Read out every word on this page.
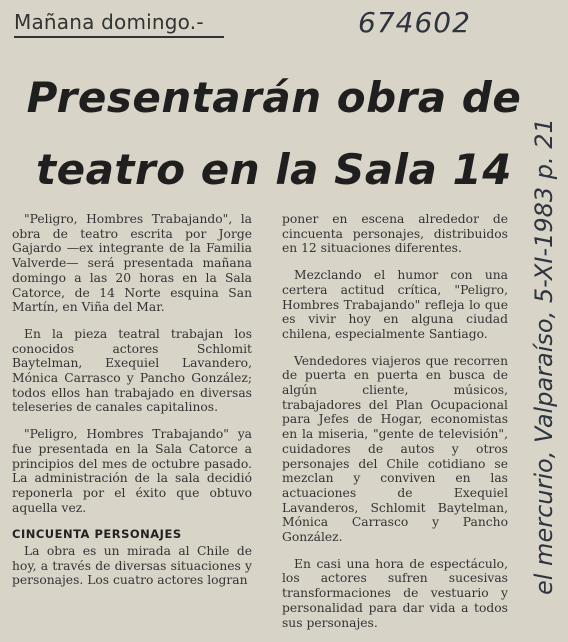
Mañana domingo.-	674602
Presentarán obra de
teatro en la Sala 14

"Peligro, Hombres Trabajando", la obra de teatro escrita por Jorge Gajardo —ex integrante de la Familia Valverde— será presentada mañana domingo a las 20 horas en la Sala Catorce, de 14 Norte esquina San Martín, en Viña del Mar.

En la pieza teatral trabajan los conocidos actores Schlomit Baytelman, Exequiel Lavandero, Mónica Carrasco y Pancho González; todos ellos han trabajado en diversas teleseries de canales capitalinos.

"Peligro, Hombres Trabajando" ya fue presentada en la Sala Catorce a principios del mes de octubre pasado. La administración de la sala decidió reponerla por el éxito que obtuvo aquella vez.

CINCUENTA PERSONAJES

La obra es un mirada al Chile de hoy, a través de diversas situaciones y personajes. Los cuatro actores logran

poner en escena alrededor de cincuenta personajes, distribuidos en 12 situaciones diferentes.

Mezclando el humor con una certera actitud crítica, "Peligro, Hombres Trabajando" refleja lo que es vivir hoy en alguna ciudad chilena, especialmente Santiago.

Vendedores viajeros que recorren de puerta en puerta en busca de algún cliente, músicos, trabajadores del Plan Ocupacional para Jefes de Hogar, economistas en la miseria, "gente de televisión", cuidadores de autos y otros personajes del Chile cotidiano se mezclan y conviven en las actuaciones de Exequiel Lavanderos, Schlomit Baytelman, Mónica Carrasco y Pancho González.

En casi una hora de espectáculo, los actores sufren sucesivas transformaciones de vestuario y personalidad para dar vida a todos sus personajes.

el mercurio, Valparaíso, 5-XI-1983 p. 21
